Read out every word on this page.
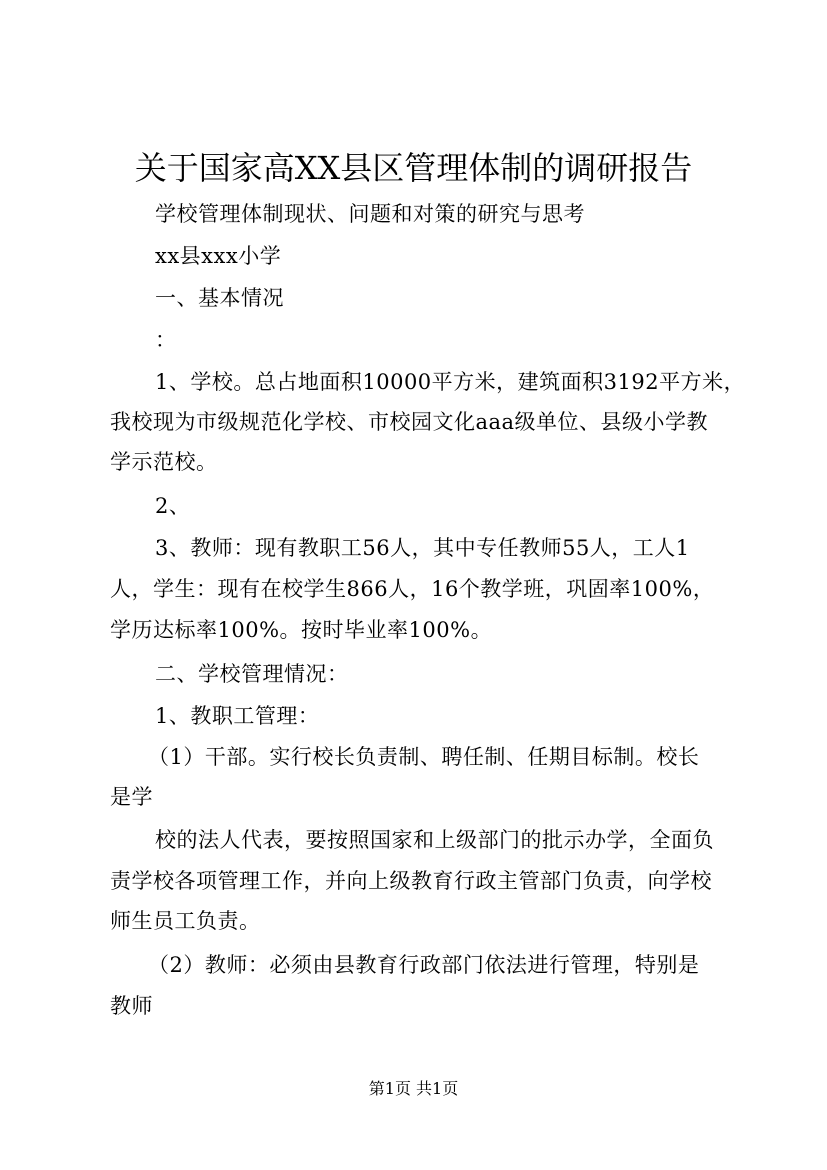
关于国家高XX县区管理体制的调研报告
学校管理体制现状、问题和对策的研究与思考
xx县xxx小学
一、基本情况
：
1、学校。总占地面积10000平方米，建筑面积3192平方米，
我校现为市级规范化学校、市校园文化aaa级单位、县级小学教
学示范校。
2、
3、教师：现有教职工56人，其中专任教师55人，工人1
人，学生：现有在校学生866人，16个教学班，巩固率100%，
学历达标率100%。按时毕业率100%。
二、学校管理情况：
1、教职工管理：
（1）干部。实行校长负责制、聘任制、任期目标制。校长
是学
校的法人代表，要按照国家和上级部门的批示办学，全面负
责学校各项管理工作，并向上级教育行政主管部门负责，向学校
师生员工负责。
（2）教师：必须由县教育行政部门依法进行管理，特别是
教师
第1页 共1页
